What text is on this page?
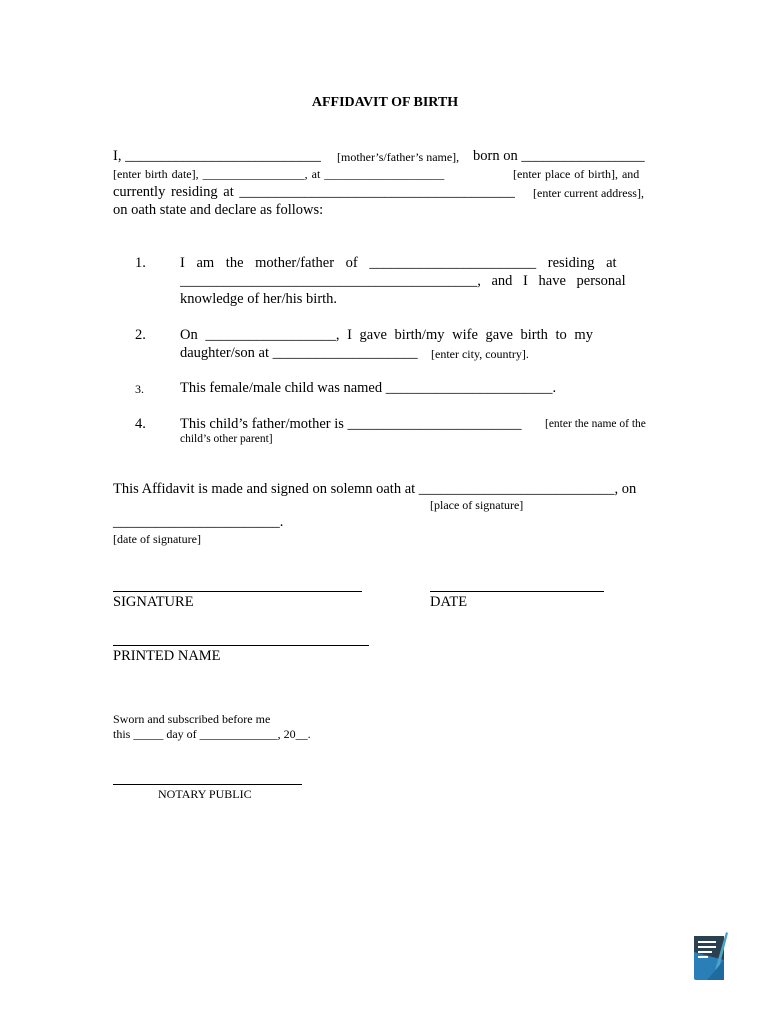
AFFIDAVIT OF BIRTH
I, ___________________________ [mother’s/father’s name], born on _________________
[enter birth date], _________________, at ____________________	[enter place of birth], and
currently residing at ______________________________________ [enter current address],
on oath state and declare as follows:
1. I am the mother/father of _______________________ residing at
_________________________________________, and I have personal
knowledge of her/his birth.
2. On __________________, I gave birth/my wife gave birth to my
daughter/son at ____________________ [enter city, country].
3. This female/male child was named _______________________.
4. This child’s father/mother is ________________________ [enter the name of the
child’s other parent]
This Affidavit is made and signed on solemn oath at ___________________________, on
[place of signature]
_______________________.
[date of signature]
SIGNATURE	DATE
PRINTED NAME
Sworn and subscribed before me
this _____ day of _____________, 20__.
NOTARY PUBLIC
